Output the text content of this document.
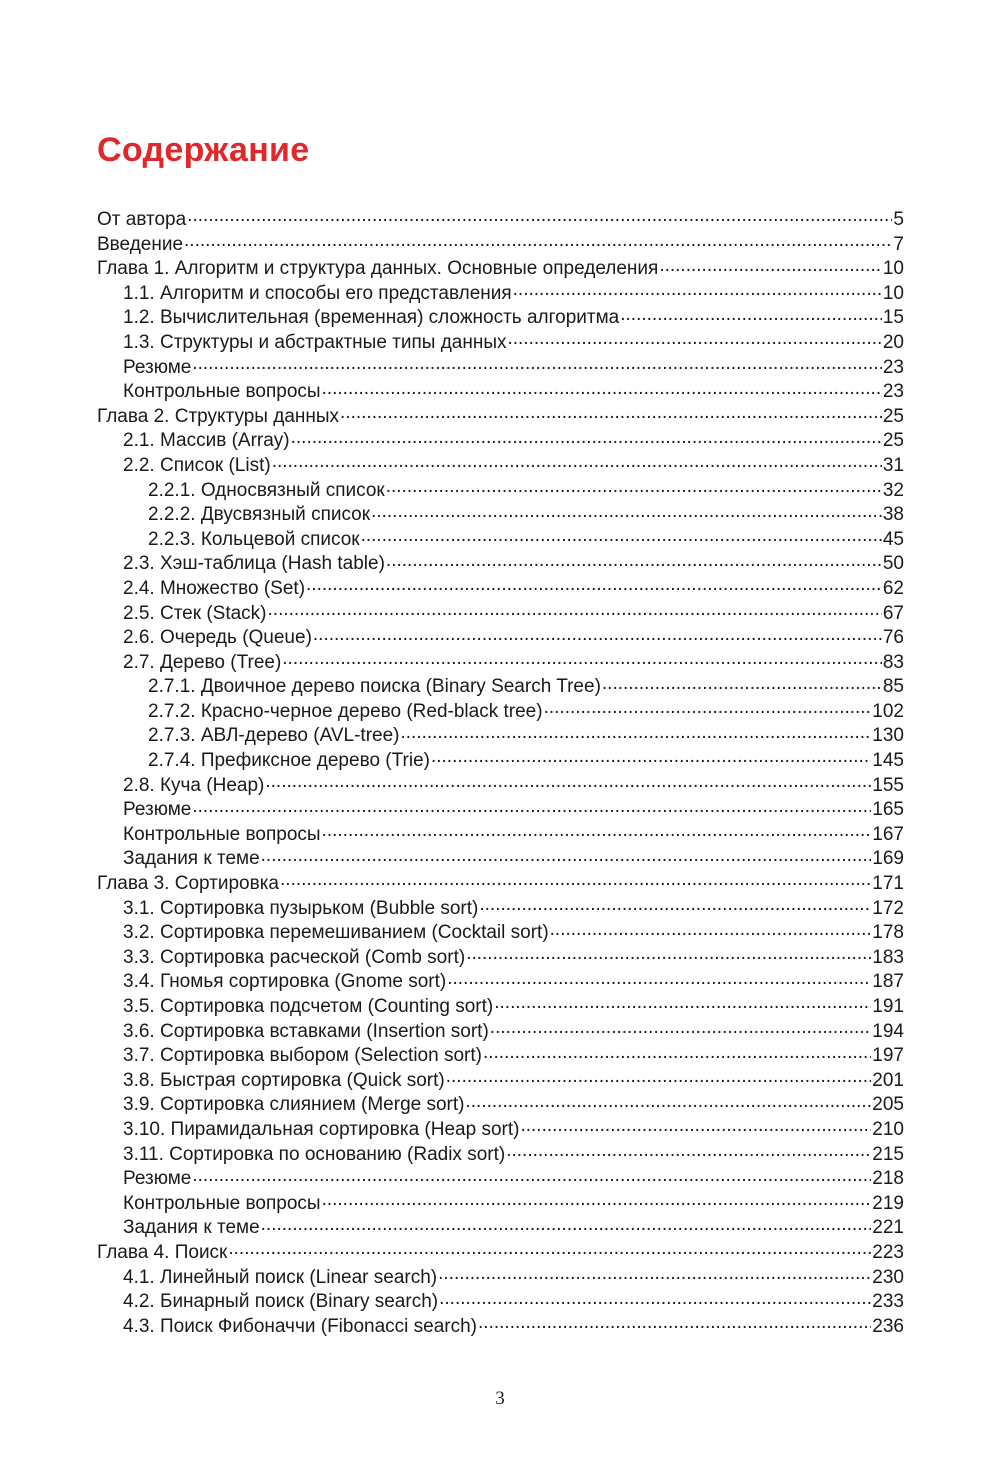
Содержание
От автора .....	5
Введение .....	7
Глава 1. Алгоритм и структура данных. Основные определения .....	10
1.1. Алгоритм и способы его представления .....	10
1.2. Вычислительная (временная) сложность алгоритма .....	15
1.3. Структуры и абстрактные типы данных .....	20
Резюме .....	23
Контрольные вопросы .....	23
Глава 2. Структуры данных .....	25
2.1. Массив (Array) .....	25
2.2. Список (List) .....	31
2.2.1. Односвязный список .....	32
2.2.2. Двусвязный список .....	38
2.2.3. Кольцевой список .....	45
2.3. Хэш-таблица (Hash table) .....	50
2.4. Множество (Set) .....	62
2.5. Стек (Stack) .....	67
2.6. Очередь (Queue) .....	76
2.7. Дерево (Tree) .....	83
2.7.1. Двоичное дерево поиска (Binary Search Tree) .....	85
2.7.2. Красно-черное дерево (Red-black tree) .....	102
2.7.3. АВЛ-дерево (AVL-tree) .....	130
2.7.4. Префиксное дерево (Trie) .....	145
2.8. Куча (Heap) .....	155
Резюме .....	165
Контрольные вопросы .....	167
Задания к теме .....	169
Глава 3. Сортировка .....	171
3.1. Сортировка пузырьком (Bubble sort) .....	172
3.2. Сортировка перемешиванием (Cocktail sort) .....	178
3.3. Сортировка расческой (Comb sort) .....	183
3.4. Гномья сортировка (Gnome sort) .....	187
3.5. Сортировка подсчетом (Counting sort) .....	191
3.6. Сортировка вставками (Insertion sort) .....	194
3.7. Сортировка выбором (Selection sort) .....	197
3.8. Быстрая сортировка (Quick sort) .....	201
3.9. Сортировка слиянием (Merge sort) .....	205
3.10. Пирамидальная сортировка (Heap sort) .....	210
3.11. Сортировка по основанию (Radix sort) .....	215
Резюме .....	218
Контрольные вопросы .....	219
Задания к теме .....	221
Глава 4. Поиск .....	223
4.1. Линейный поиск (Linear search) .....	230
4.2. Бинарный поиск (Binary search) .....	233
4.3. Поиск Фибоначчи (Fibonacci search) .....	236
3
